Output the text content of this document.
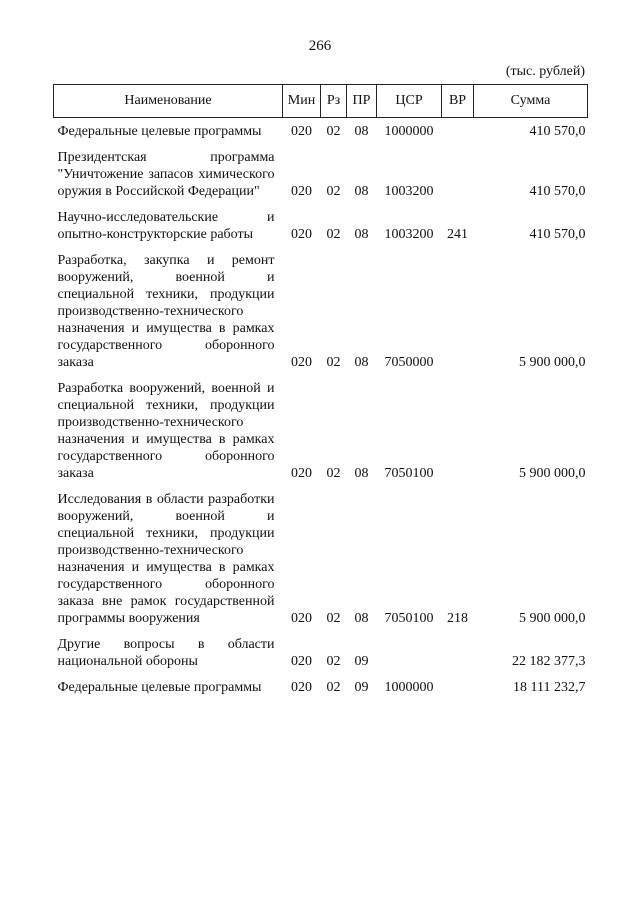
266
(тыс. рублей)
Наименование	Мин	Рз	ПР	ЦСР	ВР	Сумма
Федеральные целевые программы	020	02	08	1000000		410 570,0
Президентская программа "Уничтожение запасов химического оружия в Российской Федерации"	020	02	08	1003200		410 570,0
Научно-исследовательские и опытно-конструкторские работы	020	02	08	1003200	241	410 570,0
Разработка, закупка и ремонт вооружений, военной и специальной техники, продукции производственно-технического назначения и имущества в рамках государственного оборонного заказа	020	02	08	7050000		5 900 000,0
Разработка вооружений, военной и специальной техники, продукции производственно-технического назначения и имущества в рамках государственного оборонного заказа	020	02	08	7050100		5 900 000,0
Исследования в области разработки вооружений, военной и специальной техники, продукции производственно-технического назначения и имущества в рамках государственного оборонного заказа вне рамок государственной программы вооружения	020	02	08	7050100	218	5 900 000,0
Другие вопросы в области национальной обороны	020	02	09			22 182 377,3
Федеральные целевые программы	020	02	09	1000000		18 111 232,7
